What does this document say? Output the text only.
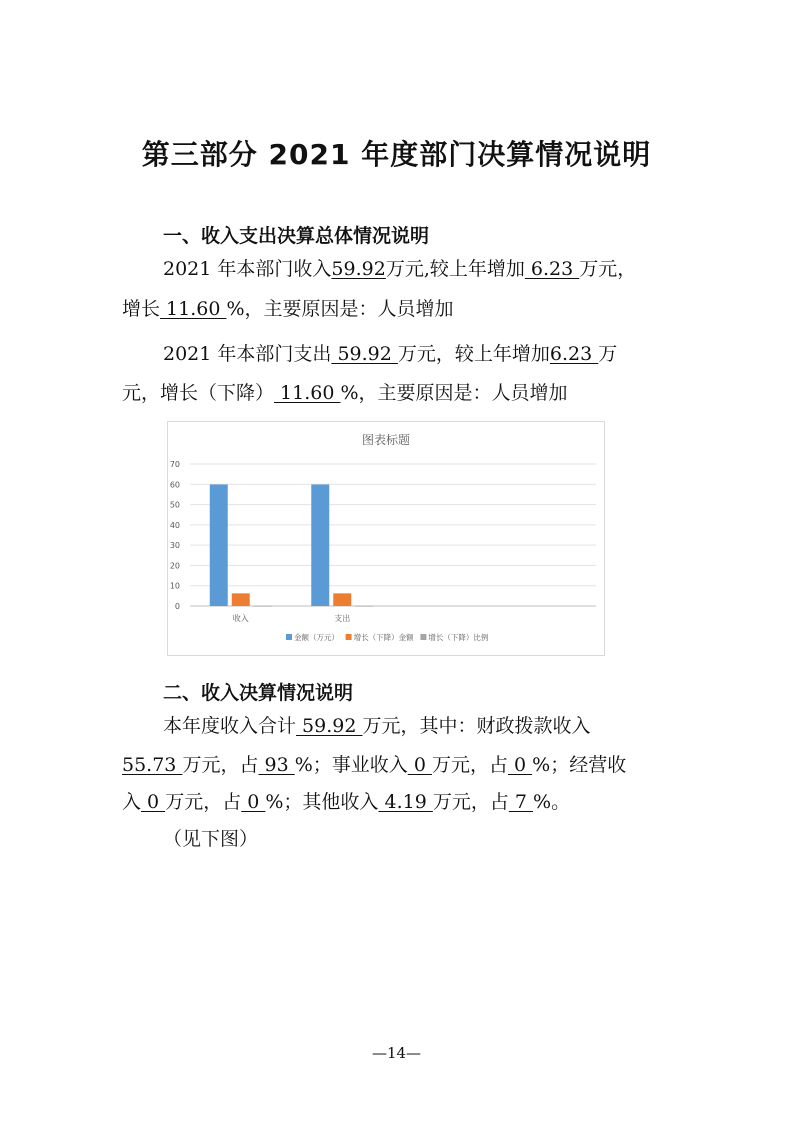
第三部分 2021 年度部门决算情况说明
一、收入支出决算总体情况说明

2021 年本部门收入59.92万元,较上年增加 6.23 万元，

增长 11.60 %，主要原因是：人员增加

2021 年本部门支出 59.92 万元，较上年增加6.23 万

元，增长（下降） 11.60 %，主要原因是：人员增加

图表标题
0
10
20
30
40
50
60
70
收入	支出
金额（万元） 增长（下降）金额 增长（下降）比例
二、收入决算情况说明

本年度收入合计 59.92 万元，其中：财政拨款收入

55.73 万元，占 93 %；事业收入 0 万元，占 0 %；经营收

入 0 万元，占 0 %；其他收入 4.19 万元，占 7 %。

（见下图）

—14—
